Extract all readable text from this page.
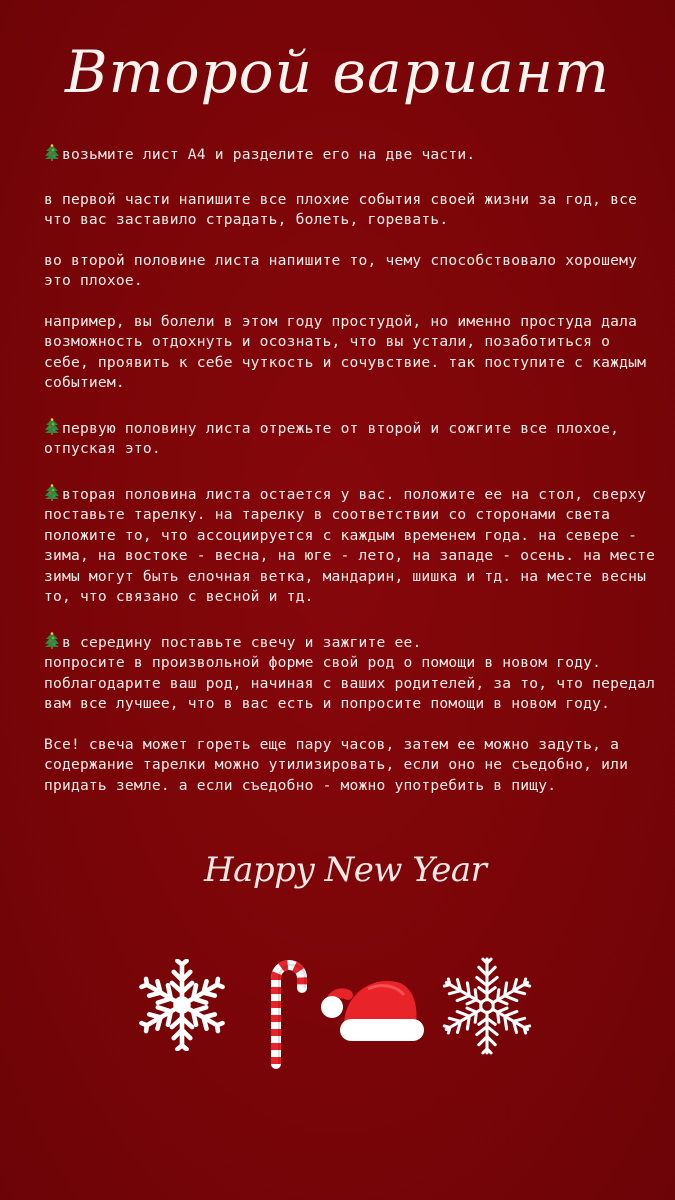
Второй вариант

возьмите лист А4 и разделите его на две части.

в первой части напишите все плохие события своей жизни за год, все что вас заставило страдать, болеть, горевать.

во второй половине листа напишите то, чему способствовало хорошему это плохое.

например, вы болели в этом году простудой, но именно простуда дала возможность отдохнуть и осознать, что вы устали, позаботиться о себе, проявить к себе чуткость и сочувствие. так поступите с каждым событием.

первую половину листа отрежьте от второй и сожгите все плохое, отпуская это.

вторая половина листа остается у вас. положите ее на стол, сверху поставьте тарелку. на тарелку в соответствии со сторонами света положите то, что ассоциируется с каждым временем года. на севере - зима, на востоке - весна, на юге - лето, на западе - осень. на месте зимы могут быть елочная ветка, мандарин, шишка и тд. на месте весны то, что связано с весной и тд.

в середину поставьте свечу и зажгите ее.
попросите в произвольной форме свой род о помощи в новом году. поблагодарите ваш род, начиная с ваших родителей, за то, что передал вам все лучшее, что в вас есть и попросите помощи в новом году.

Все! свеча может гореть еще пару часов, затем ее можно задуть, а содержание тарелки можно утилизировать, если оно не съедобно, или придать земле. а если съедобно - можно употребить в пищу.

Happy New Year
